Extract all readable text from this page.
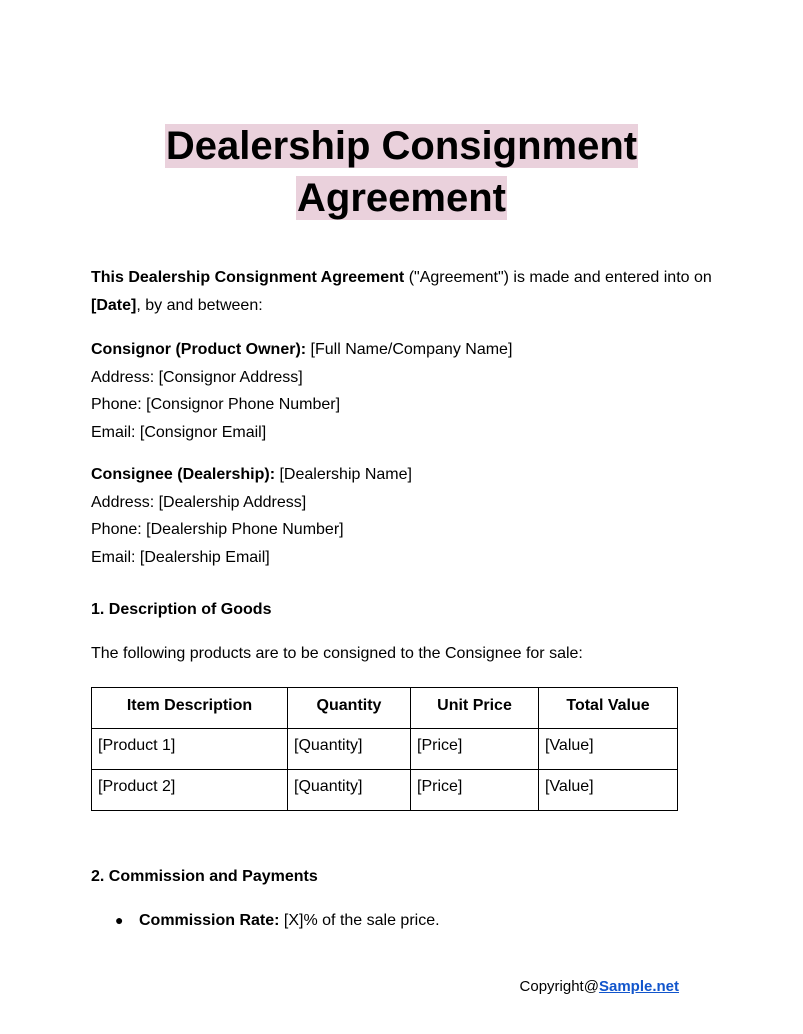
Dealership Consignment
Agreement

This Dealership Consignment Agreement ("Agreement") is made and entered into on

[Date], by and between:

Consignor (Product Owner): [Full Name/Company Name]

Address: [Consignor Address]

Phone: [Consignor Phone Number]

Email: [Consignor Email]

Consignee (Dealership): [Dealership Name]

Address: [Dealership Address]

Phone: [Dealership Phone Number]

Email: [Dealership Email]

1. Description of Goods
The following products are to be consigned to the Consignee for sale:
Item Description	Quantity	Unit Price	Total Value
[Product 1]	[Quantity]	[Price]	[Value]
[Product 2]	[Quantity]	[Price]	[Value]
2. Commission and Payments
● Commission Rate: [X]% of the sale price.
Copyright@Sample.net
